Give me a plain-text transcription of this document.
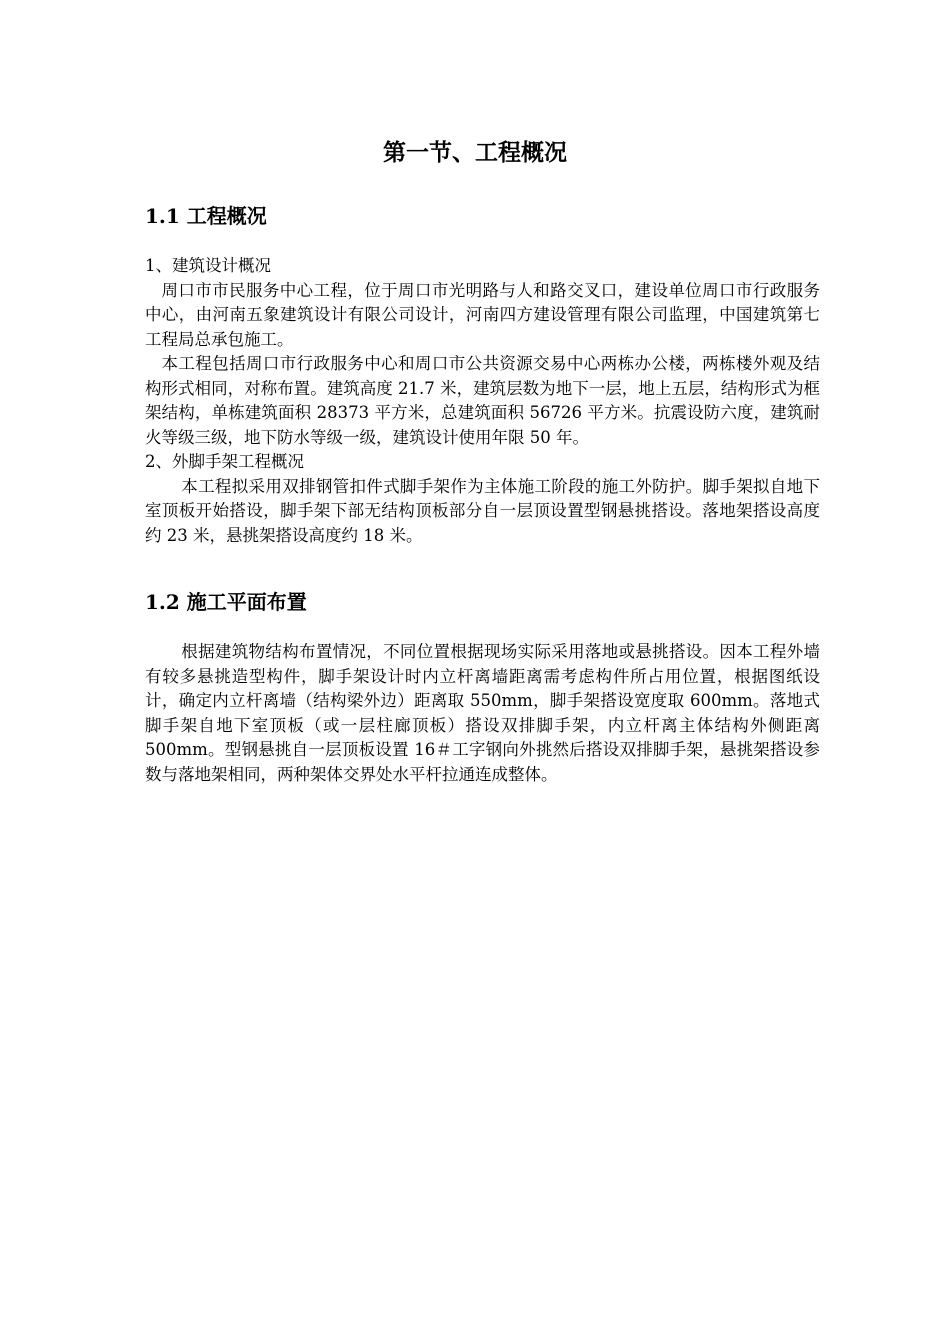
第一节、工程概况
1.1 工程概况

1、建筑设计概况

周口市市民服务中心工程，位于周口市光明路与人和路交叉口，建设单位周口市行政服务中心，由河南五象建筑设计有限公司设计，河南四方建设管理有限公司监理，中国建筑第七工程局总承包施工。

本工程包括周口市行政服务中心和周口市公共资源交易中心两栋办公楼，两栋楼外观及结构形式相同，对称布置。建筑高度 21.7 米，建筑层数为地下一层，地上五层，结构形式为框架结构，单栋建筑面积 28373 平方米，总建筑面积 56726 平方米。抗震设防六度，建筑耐火等级三级，地下防水等级一级，建筑设计使用年限 50 年。

2、外脚手架工程概况

本工程拟采用双排钢管扣件式脚手架作为主体施工阶段的施工外防护。脚手架拟自地下室顶板开始搭设，脚手架下部无结构顶板部分自一层顶设置型钢悬挑搭设。落地架搭设高度约 23 米，悬挑架搭设高度约 18 米。

1.2 施工平面布置

根据建筑物结构布置情况，不同位置根据现场实际采用落地或悬挑搭设。因本工程外墙有较多悬挑造型构件，脚手架设计时内立杆离墙距离需考虑构件所占用位置，根据图纸设计，确定内立杆离墙（结构梁外边）距离取 550mm，脚手架搭设宽度取 600mm。落地式脚手架自地下室顶板（或一层柱廊顶板）搭设双排脚手架，内立杆离主体结构外侧距离 500mm。型钢悬挑自一层顶板设置 16＃工字钢向外挑然后搭设双排脚手架，悬挑架搭设参数与落地架相同，两种架体交界处水平杆拉通连成整体。
